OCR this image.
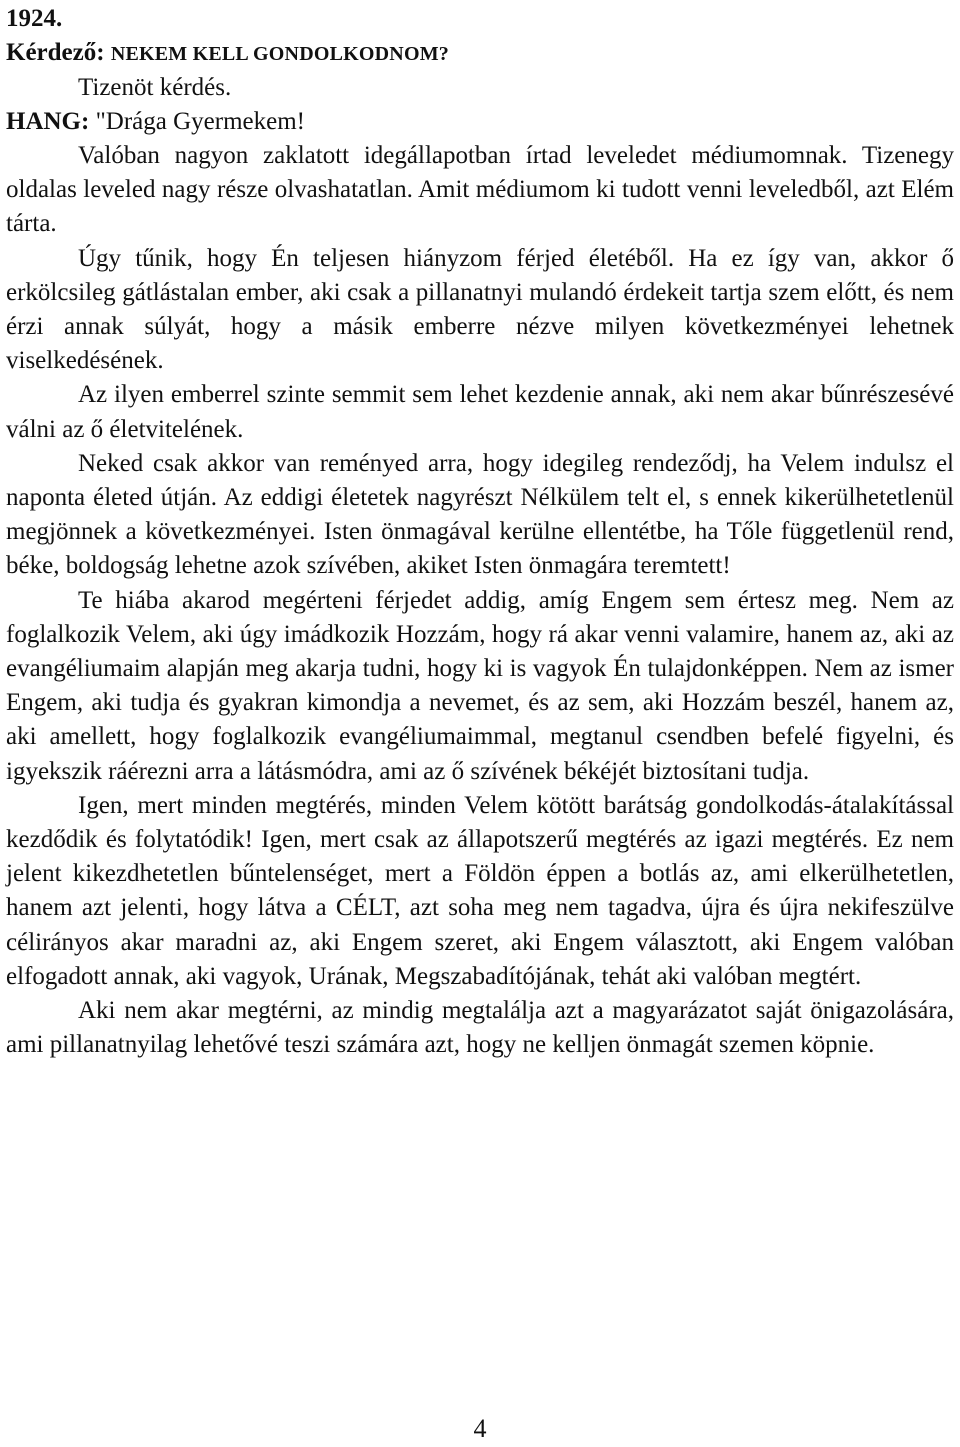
1924.

Kérdező: NEKEM KELL GONDOLKODNOM?

Tizenöt kérdés.

HANG: "Drága Gyermekem!

Valóban nagyon zaklatott idegállapotban írtad leveledet médiumomnak. Tizenegy oldalas leveled nagy része olvashatatlan. Amit médiumom ki tudott venni leveledből, azt Elém tárta.

Úgy tűnik, hogy Én teljesen hiányzom férjed életéből. Ha ez így van, akkor ő erkölcsileg gátlástalan ember, aki csak a pillanatnyi mulandó érdekeit tartja szem előtt, és nem érzi annak súlyát, hogy a másik emberre nézve milyen következményei lehetnek viselkedésének.

Az ilyen emberrel szinte semmit sem lehet kezdenie annak, aki nem akar bűnrészesévé válni az ő életvitelének.

Neked csak akkor van reményed arra, hogy idegileg rendeződj, ha Velem indulsz el naponta életed útján. Az eddigi életetek nagyrészt Nélkülem telt el, s ennek kikerülhetetlenül megjönnek a következményei. Isten önmagával kerülne ellentétbe, ha Tőle függetlenül rend, béke, boldogság lehetne azok szívében, akiket Isten önmagára teremtett!

Te hiába akarod megérteni férjedet addig, amíg Engem sem értesz meg. Nem az foglalkozik Velem, aki úgy imádkozik Hozzám, hogy rá akar venni valamire, hanem az, aki az evangéliumaim alapján meg akarja tudni, hogy ki is vagyok Én tulajdonképpen. Nem az ismer Engem, aki tudja és gyakran kimondja a nevemet, és az sem, aki Hozzám beszél, hanem az, aki amellett, hogy foglalkozik evangéliumaimmal, megtanul csendben befelé figyelni, és igyekszik ráérezni arra a látásmódra, ami az ő szívének békéjét biztosítani tudja.

Igen, mert minden megtérés, minden Velem kötött barátság gondolkodás-átalakítással kezdődik és folytatódik! Igen, mert csak az állapotszerű megtérés az igazi megtérés. Ez nem jelent kikezdhetetlen bűntelenséget, mert a Földön éppen a botlás az, ami elkerülhetetlen, hanem azt jelenti, hogy látva a CÉLT, azt soha meg nem tagadva, újra és újra nekifeszülve célirányos akar maradni az, aki Engem szeret, aki Engem választott, aki Engem valóban elfogadott annak, aki vagyok, Urának, Megszabadítójának, tehát aki valóban megtért.

Aki nem akar megtérni, az mindig megtalálja azt a magyarázatot saját önigazolására, ami pillanatnyilag lehetővé teszi számára azt, hogy ne kelljen önmagát szemen köpnie.

4
